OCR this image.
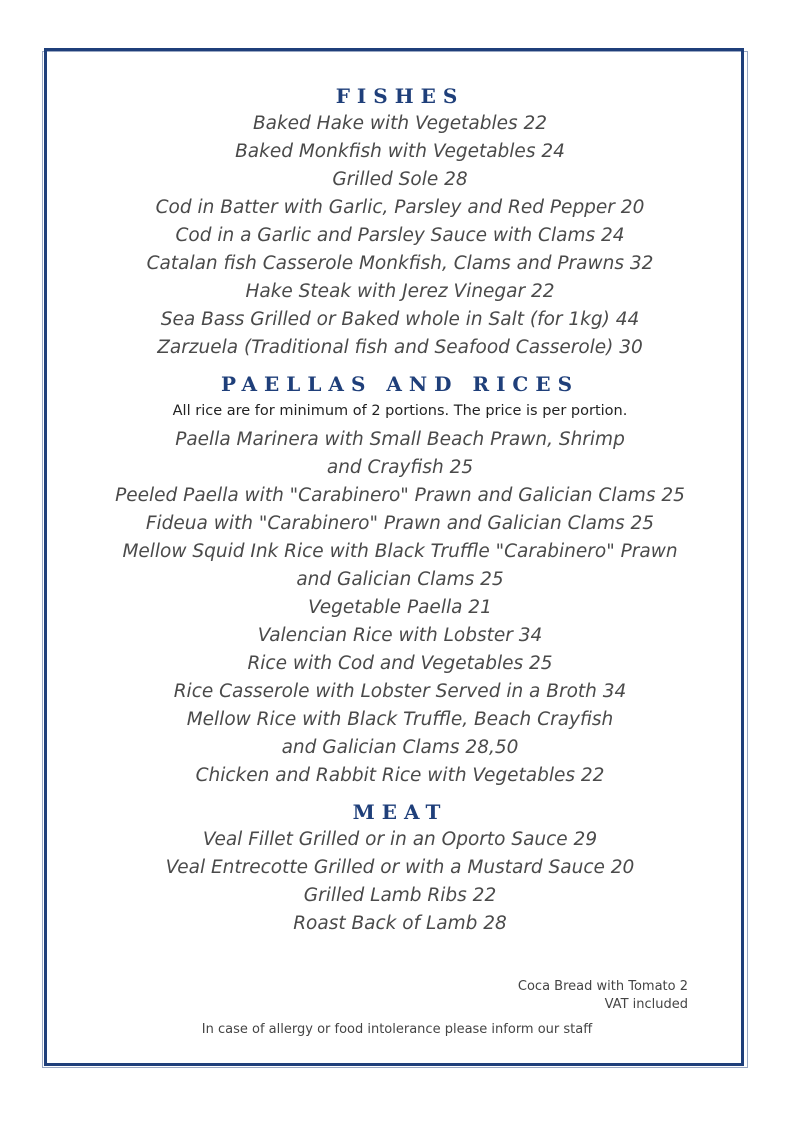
FISHES
Baked Hake with Vegetables 22
Baked Monkfish with Vegetables 24
Grilled Sole 28
Cod in Batter with Garlic, Parsley and Red Pepper 20
Cod in a Garlic and Parsley Sauce with Clams 24
Catalan fish Casserole Monkfish, Clams and Prawns 32
Hake Steak with Jerez Vinegar 22
Sea Bass Grilled or Baked whole in Salt (for 1kg) 44
Zarzuela (Traditional fish and Seafood Casserole) 30
PAELLAS AND RICES
All rice are for minimum of 2 portions. The price is per portion.
Paella Marinera with Small Beach Prawn, Shrimp
and Crayfish 25
Peeled Paella with "Carabinero" Prawn and Galician Clams 25
Fideua with "Carabinero" Prawn and Galician Clams 25
Mellow Squid Ink Rice with Black Truffle "Carabinero" Prawn
and Galician Clams 25
Vegetable Paella 21
Valencian Rice with Lobster 34
Rice with Cod and Vegetables 25
Rice Casserole with Lobster Served in a Broth 34
Mellow Rice with Black Truffle, Beach Crayfish
and Galician Clams 28,50
Chicken and Rabbit Rice with Vegetables 22
MEAT
Veal Fillet Grilled or in an Oporto Sauce 29
Veal Entrecotte Grilled or with a Mustard Sauce 20
Grilled Lamb Ribs 22
Roast Back of Lamb 28
Coca Bread with Tomato 2
VAT included
In case of allergy or food intolerance please inform our staff
